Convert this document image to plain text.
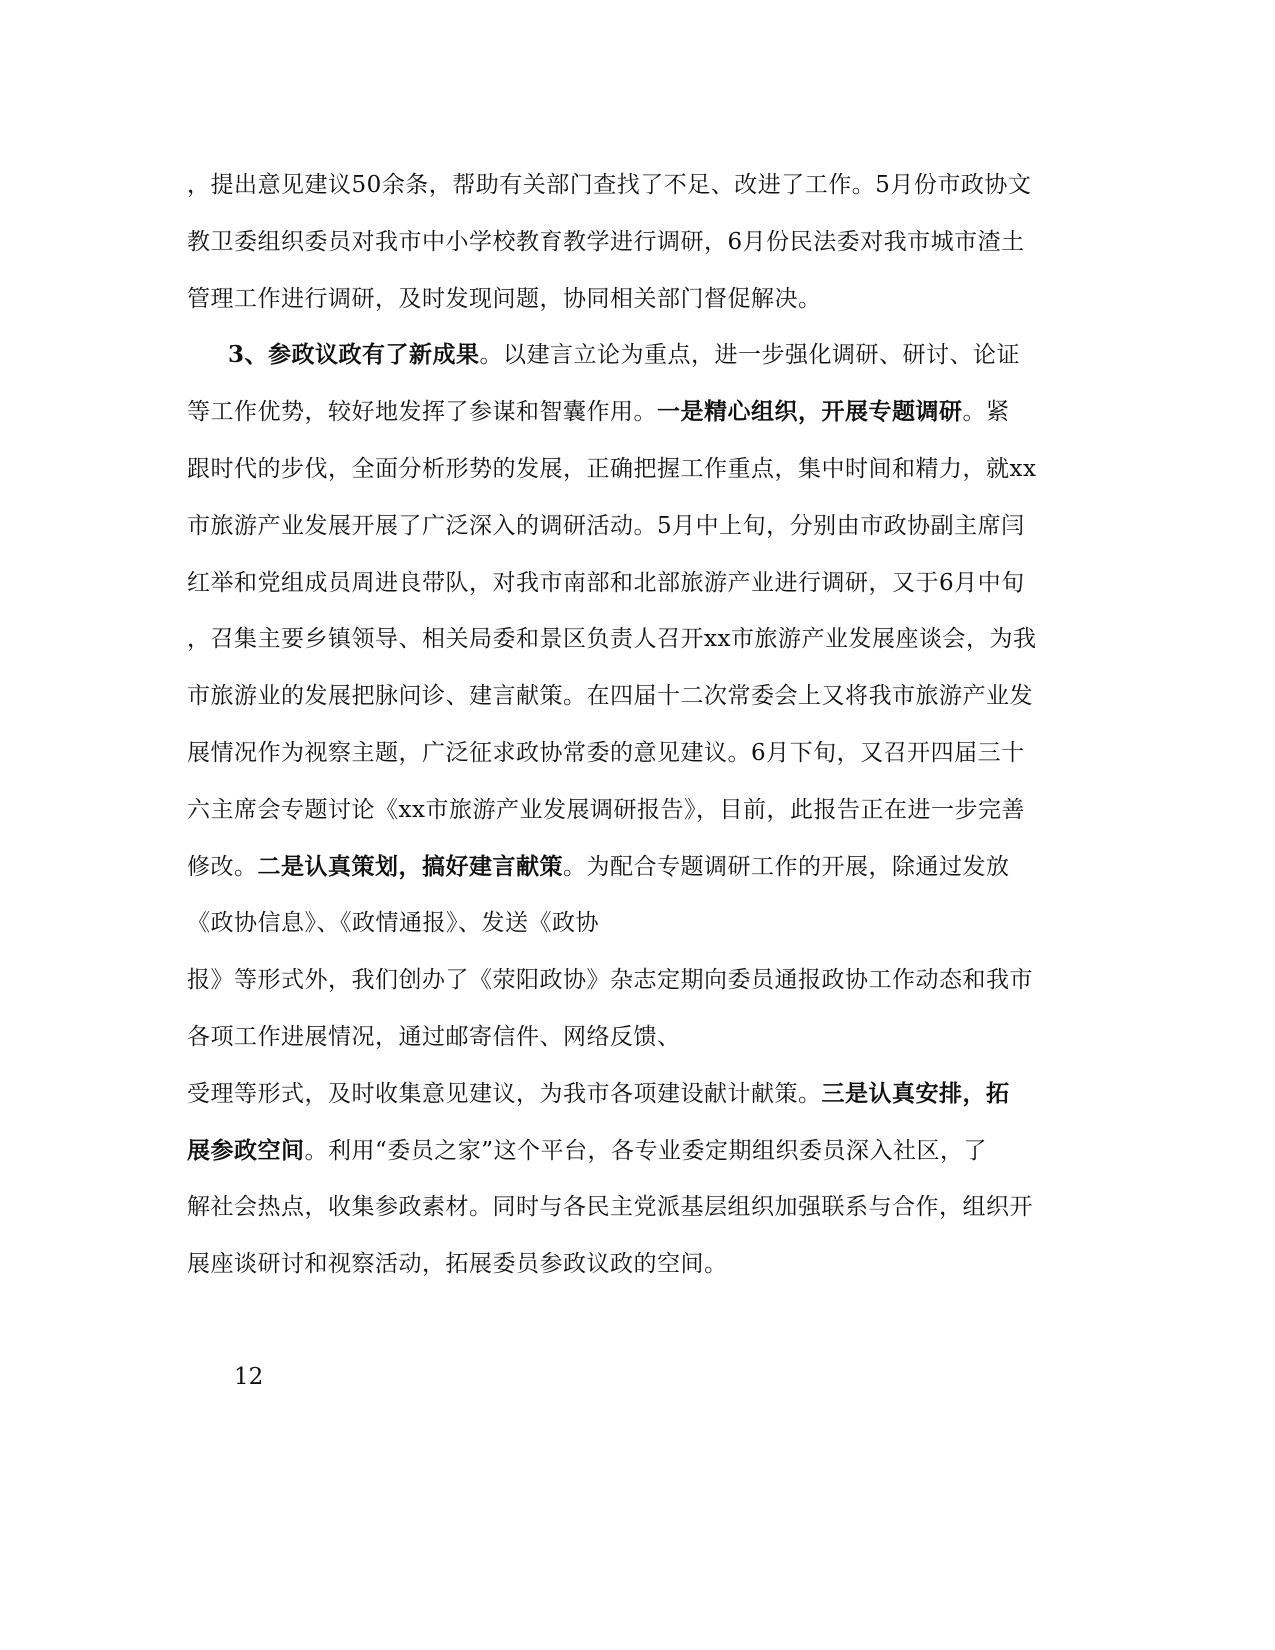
，提出意见建议50余条，帮助有关部门查找了不足、改进了工作。5月份市政协文
教卫委组织委员对我市中小学校教育教学进行调研，6月份民法委对我市城市渣土
管理工作进行调研，及时发现问题，协同相关部门督促解决。
3、参政议政有了新成果。以建言立论为重点，进一步强化调研、研讨、论证
等工作优势，较好地发挥了参谋和智囊作用。一是精心组织，开展专题调研。紧
跟时代的步伐，全面分析形势的发展，正确把握工作重点，集中时间和精力，就xx
市旅游产业发展开展了广泛深入的调研活动。5月中上旬，分别由市政协副主席闫
红举和党组成员周进良带队，对我市南部和北部旅游产业进行调研，又于6月中旬
，召集主要乡镇领导、相关局委和景区负责人召开xx市旅游产业发展座谈会，为我
市旅游业的发展把脉问诊、建言献策。在四届十二次常委会上又将我市旅游产业发
展情况作为视察主题，广泛征求政协常委的意见建议。6月下旬，又召开四届三十
六主席会专题讨论《xx市旅游产业发展调研报告》，目前，此报告正在进一步完善
修改。二是认真策划，搞好建言献策。为配合专题调研工作的开展，除通过发放
《政协信息》、《政情通报》、发送《政协
报》等形式外，我们创办了《荥阳政协》杂志定期向委员通报政协工作动态和我市
各项工作进展情况，通过邮寄信件、网络反馈、
受理等形式，及时收集意见建议，为我市各项建设献计献策。三是认真安排，拓
展参政空间。利用“委员之家”这个平台，各专业委定期组织委员深入社区，了
解社会热点，收集参政素材。同时与各民主党派基层组织加强联系与合作，组织开
展座谈研讨和视察活动，拓展委员参政议政的空间。
12
